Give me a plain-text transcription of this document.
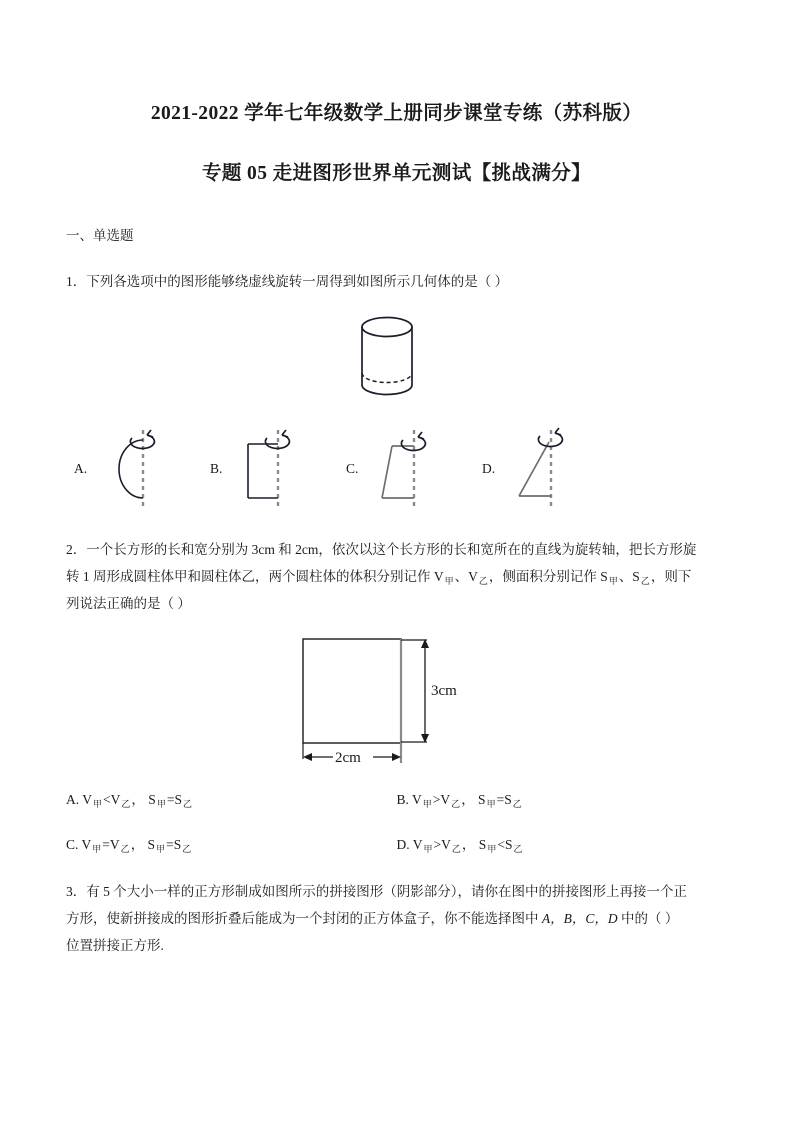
2021-2022 学年七年级数学上册同步课堂专练（苏科版）
专题 05 走进图形世界单元测试【挑战满分】

一、单选题

1．下列各选项中的图形能够绕虚线旋转一周得到如图所示几何体的是（ ）

A.	B.	C.	D.

2．一个长方形的长和宽分别为 3cm 和 2cm，依次以这个长方形的长和宽所在的直线为旋转轴，把长方形旋

转 1 周形成圆柱体甲和圆柱体乙，两个圆柱体的体积分别记作 $V_甲$、$V_乙$，侧面积分别记作 $S_甲$、$S_乙$，则下

列说法正确的是（ ）

3cm
2cm
A. $V_甲<V_乙$， $S_甲=S_乙$	B. $V_甲>V_乙$， $S_甲=S_乙$
C. $V_甲=V_乙$， $S_甲=S_乙$	D. $V_甲>V_乙$， $S_甲<S_乙$

3．有 5 个大小一样的正方形制成如图所示的拼接图形（阴影部分），请你在图中的拼接图形上再接一个正

方形，使新拼接成的图形折叠后能成为一个封闭的正方体盒子，你不能选择图中 A，B，C，D 中的（ ）

位置拼接正方形.
